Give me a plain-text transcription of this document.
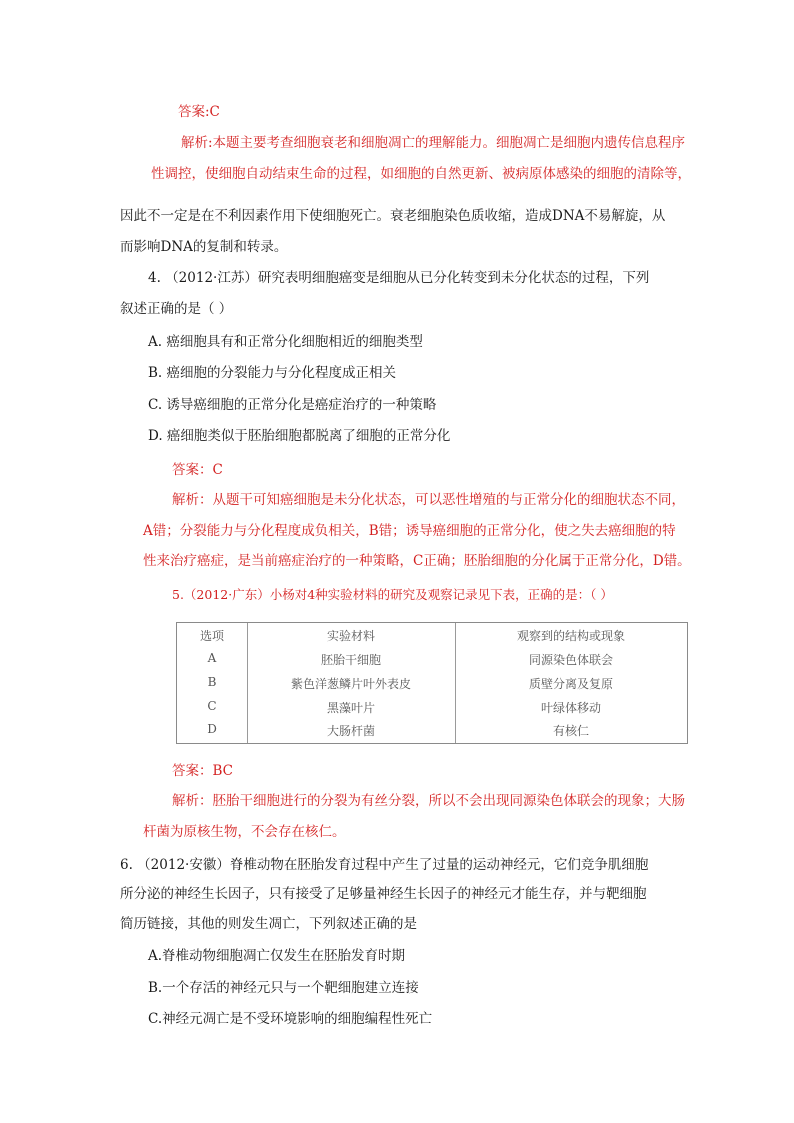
答案:C
解析:本题主要考查细胞衰老和细胞凋亡的理解能力。细胞凋亡是细胞内遗传信息程序
性调控，使细胞自动结束生命的过程，如细胞的自然更新、被病原体感染的细胞的清除等，
因此不一定是在不利因素作用下使细胞死亡。衰老细胞染色质收缩，造成DNA不易解旋，从
而影响DNA的复制和转录。
4. （2012·江苏）研究表明细胞癌变是细胞从已分化转变到未分化状态的过程，下列
叙述正确的是（ ）
A. 癌细胞具有和正常分化细胞相近的细胞类型
B. 癌细胞的分裂能力与分化程度成正相关
C. 诱导癌细胞的正常分化是癌症治疗的一种策略
D. 癌细胞类似于胚胎细胞都脱离了细胞的正常分化
答案：C
解析：从题干可知癌细胞是未分化状态，可以恶性增殖的与正常分化的细胞状态不同，
A错；分裂能力与分化程度成负相关，B错；诱导癌细胞的正常分化，使之失去癌细胞的特
性来治疗癌症，是当前癌症治疗的一种策略，C正确；胚胎细胞的分化属于正常分化，D错。
5.（2012·广东）小杨对4种实验材料的研究及观察记录见下表，正确的是：（ ）
选项	实验材料	观察到的结构或现象
A	胚胎干细胞	同源染色体联会
B	紫色洋葱鳞片叶外表皮	质壁分离及复原
C	黑藻叶片	叶绿体移动
D	大肠杆菌	有核仁
答案：BC
解析：胚胎干细胞进行的分裂为有丝分裂，所以不会出现同源染色体联会的现象；大肠
杆菌为原核生物，不会存在核仁。
6. （2012·安徽）脊椎动物在胚胎发育过程中产生了过量的运动神经元，它们竞争肌细胞
所分泌的神经生长因子，只有接受了足够量神经生长因子的神经元才能生存，并与靶细胞
简历链接，其他的则发生凋亡，下列叙述正确的是
A.脊椎动物细胞凋亡仅发生在胚胎发育时期
B.一个存活的神经元只与一个靶细胞建立连接
C.神经元凋亡是不受环境影响的细胞编程性死亡
